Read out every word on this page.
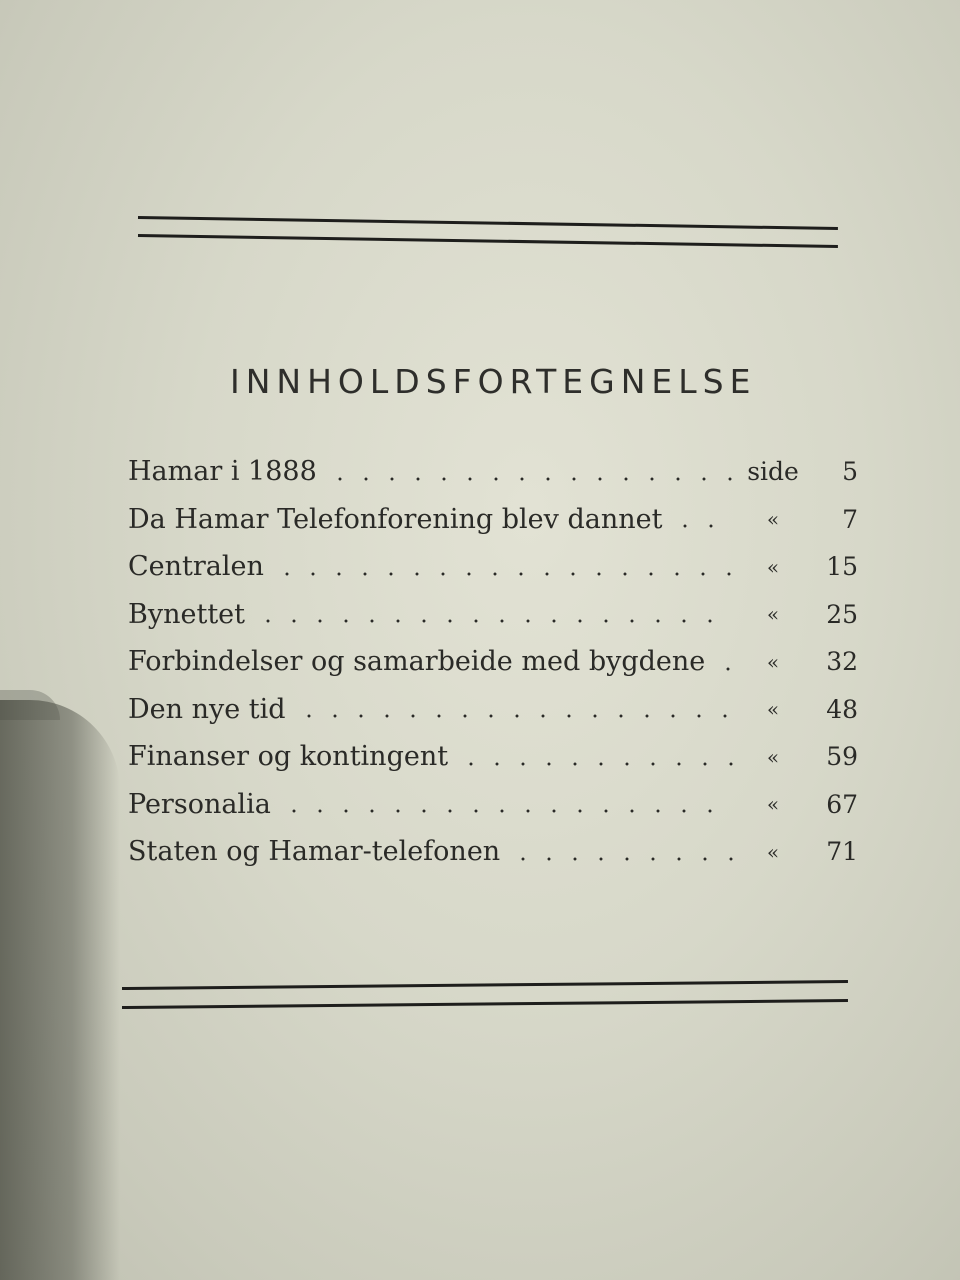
INNHOLDSFORTEGNELSE
Hamar i 1888	side	5
Da Hamar Telefonforening blev dannet	«	7
Centralen	«	15
Bynettet	«	25
Forbindelser og samarbeide med bygdene	«	32
Den nye tid	«	48
Finanser og kontingent	«	59
Personalia	«	67
Staten og Hamar-telefonen	«	71
